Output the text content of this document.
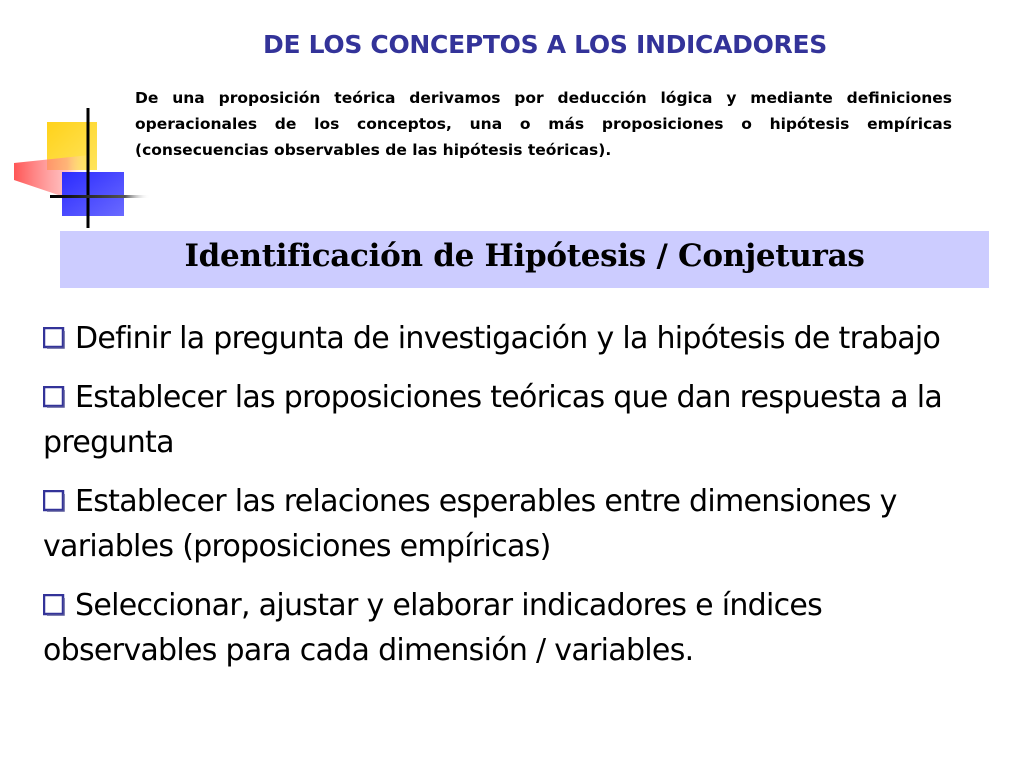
DE LOS CONCEPTOS A LOS INDICADORES
De una proposición teórica derivamos por deducción lógica y mediante definiciones operacionales de los conceptos, una o más proposiciones o hipótesis empíricas (consecuencias observables de las hipótesis teóricas).
Identificación de Hipótesis / Conjeturas
Definir la pregunta de investigación y la hipótesis de trabajo
Establecer las proposiciones teóricas que dan respuesta a la pregunta
Establecer las relaciones esperables entre dimensiones y variables (proposiciones empíricas)
Seleccionar, ajustar y elaborar indicadores e índices observables para cada dimensión / variables.
